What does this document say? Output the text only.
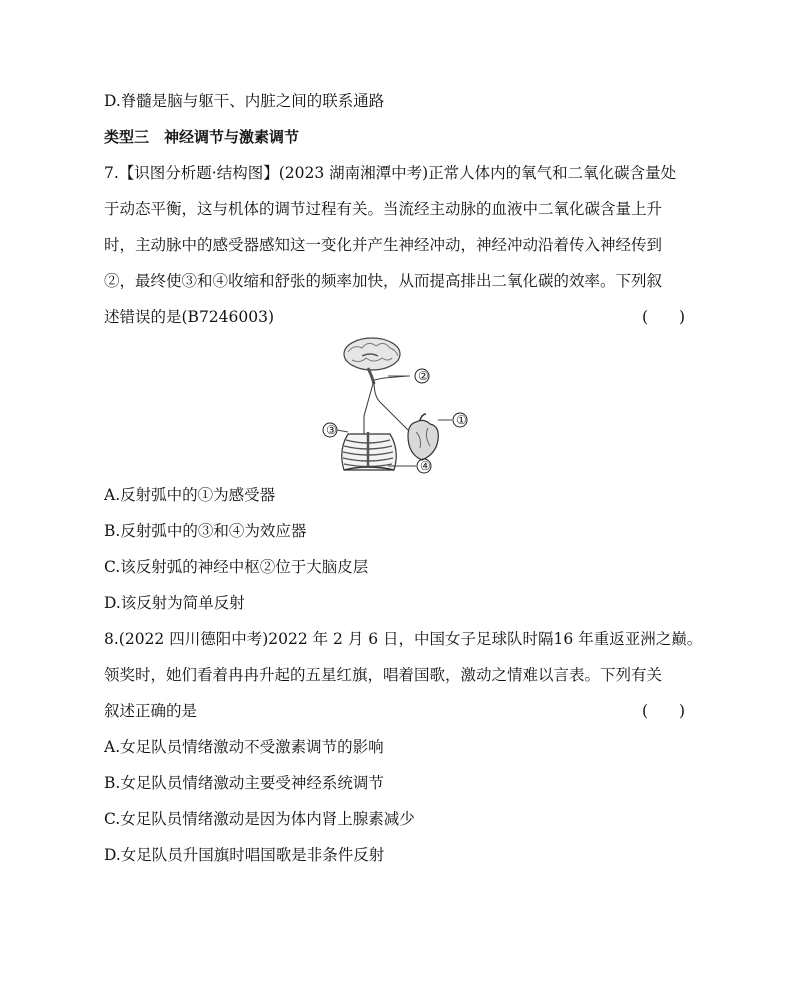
D.脊髓是脑与躯干、内脏之间的联系通路
类型三　神经调节与激素调节
7.【识图分析题·结构图】(2023 湖南湘潭中考)正常人体内的氧气和二氧化碳含量处
于动态平衡，这与机体的调节过程有关。当流经主动脉的血液中二氧化碳含量上升
时，主动脉中的感受器感知这一变化并产生神经冲动，神经冲动沿着传入神经传到
②，最终使③和④收缩和舒张的频率加快，从而提高排出二氧化碳的效率。下列叙
述错误的是(B7246003)	(　　)
②
①
③
④
A.反射弧中的①为感受器
B.反射弧中的③和④为效应器
C.该反射弧的神经中枢②位于大脑皮层
D.该反射为简单反射
8.(2022 四川德阳中考)2022 年 2 月 6 日，中国女子足球队时隔16 年重返亚洲之巅。
领奖时，她们看着冉冉升起的五星红旗，唱着国歌，激动之情难以言表。下列有关
叙述正确的是	(　　)
A.女足队员情绪激动不受激素调节的影响
B.女足队员情绪激动主要受神经系统调节
C.女足队员情绪激动是因为体内肾上腺素减少
D.女足队员升国旗时唱国歌是非条件反射
